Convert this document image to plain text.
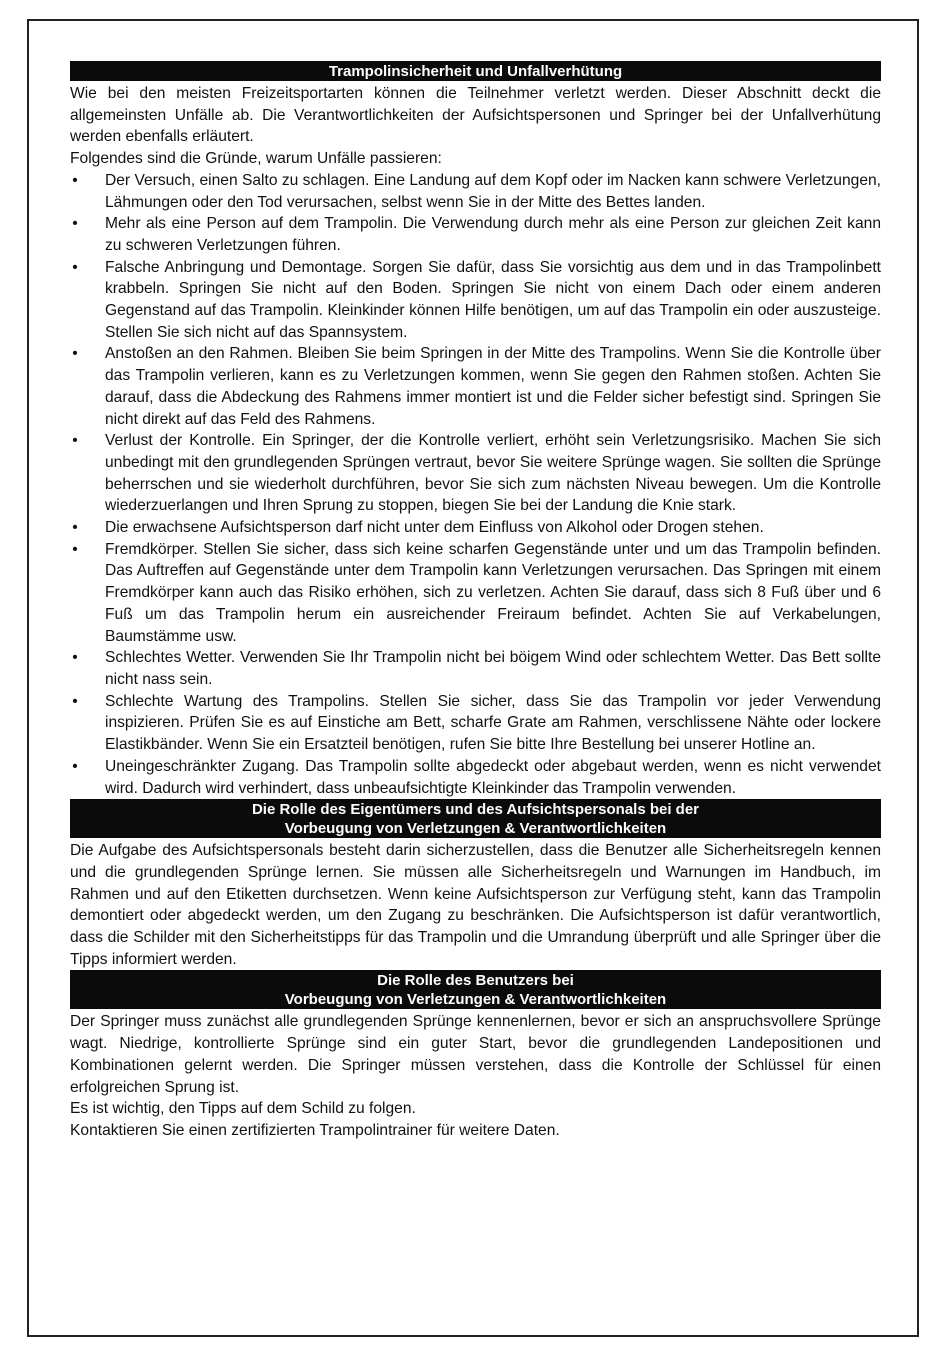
Trampolinsicherheit und Unfallverhütung

Wie bei den meisten Freizeitsportarten können die Teilnehmer verletzt werden. Dieser Abschnitt deckt die allgemeinsten Unfälle ab. Die Verantwortlichkeiten der Aufsichtspersonen und Springer bei der Unfallverhütung werden ebenfalls erläutert.

Folgendes sind die Gründe, warum Unfälle passieren:

• Der Versuch, einen Salto zu schlagen. Eine Landung auf dem Kopf oder im Nacken kann schwere Verletzungen, Lähmungen oder den Tod verursachen, selbst wenn Sie in der Mitte des Bettes landen.
• Mehr als eine Person auf dem Trampolin. Die Verwendung durch mehr als eine Person zur gleichen Zeit kann zu schweren Verletzungen führen.
• Falsche Anbringung und Demontage. Sorgen Sie dafür, dass Sie vorsichtig aus dem und in das Trampolinbett krabbeln. Springen Sie nicht auf den Boden. Springen Sie nicht von einem Dach oder einem anderen Gegenstand auf das Trampolin. Kleinkinder können Hilfe benötigen, um auf das Trampolin ein oder auszusteige. Stellen Sie sich nicht auf das Spannsystem.
• Anstoßen an den Rahmen. Bleiben Sie beim Springen in der Mitte des Trampolins. Wenn Sie die Kontrolle über das Trampolin verlieren, kann es zu Verletzungen kommen, wenn Sie gegen den Rahmen stoßen. Achten Sie darauf, dass die Abdeckung des Rahmens immer montiert ist und die Felder sicher befestigt sind. Springen Sie nicht direkt auf das Feld des Rahmens.
• Verlust der Kontrolle. Ein Springer, der die Kontrolle verliert, erhöht sein Verletzungsrisiko. Machen Sie sich unbedingt mit den grundlegenden Sprüngen vertraut, bevor Sie weitere Sprünge wagen. Sie sollten die Sprünge beherrschen und sie wiederholt durchführen, bevor Sie sich zum nächsten Niveau bewegen. Um die Kontrolle wiederzuerlangen und Ihren Sprung zu stoppen, biegen Sie bei der Landung die Knie stark.
• Die erwachsene Aufsichtsperson darf nicht unter dem Einfluss von Alkohol oder Drogen stehen.
• Fremdkörper. Stellen Sie sicher, dass sich keine scharfen Gegenstände unter und um das Trampolin befinden. Das Auftreffen auf Gegenstände unter dem Trampolin kann Verletzungen verursachen. Das Springen mit einem Fremdkörper kann auch das Risiko erhöhen, sich zu verletzen. Achten Sie darauf, dass sich 8 Fuß über und 6 Fuß um das Trampolin herum ein ausreichender Freiraum befindet. Achten Sie auf Verkabelungen, Baumstämme usw.
• Schlechtes Wetter. Verwenden Sie Ihr Trampolin nicht bei böigem Wind oder schlechtem Wetter. Das Bett sollte nicht nass sein.
• Schlechte Wartung des Trampolins. Stellen Sie sicher, dass Sie das Trampolin vor jeder Verwendung inspizieren. Prüfen Sie es auf Einstiche am Bett, scharfe Grate am Rahmen, verschlissene Nähte oder lockere Elastikbänder. Wenn Sie ein Ersatzteil benötigen, rufen Sie bitte Ihre Bestellung bei unserer Hotline an.
• Uneingeschränkter Zugang. Das Trampolin sollte abgedeckt oder abgebaut werden, wenn es nicht verwendet wird. Dadurch wird verhindert, dass unbeaufsichtigte Kleinkinder das Trampolin verwenden.
Die Rolle des Eigentümers und des Aufsichtspersonals bei der
Vorbeugung von Verletzungen & Verantwortlichkeiten

Die Aufgabe des Aufsichtspersonals besteht darin sicherzustellen, dass die Benutzer alle Sicherheitsregeln kennen und die grundlegenden Sprünge lernen. Sie müssen alle Sicherheitsregeln und Warnungen im Handbuch, im Rahmen und auf den Etiketten durchsetzen. Wenn keine Aufsichtsperson zur Verfügung steht, kann das Trampolin demontiert oder abgedeckt werden, um den Zugang zu beschränken. Die Aufsichtsperson ist dafür verantwortlich, dass die Schilder mit den Sicherheitstipps für das Trampolin und die Umrandung überprüft und alle Springer über die Tipps informiert werden.

Die Rolle des Benutzers bei
Vorbeugung von Verletzungen & Verantwortlichkeiten

Der Springer muss zunächst alle grundlegenden Sprünge kennenlernen, bevor er sich an anspruchsvollere Sprünge wagt. Niedrige, kontrollierte Sprünge sind ein guter Start, bevor die grundlegenden Landepositionen und Kombinationen gelernt werden. Die Springer müssen verstehen, dass die Kontrolle der Schlüssel für einen erfolgreichen Sprung ist.

Es ist wichtig, den Tipps auf dem Schild zu folgen.

Kontaktieren Sie einen zertifizierten Trampolintrainer für weitere Daten.
